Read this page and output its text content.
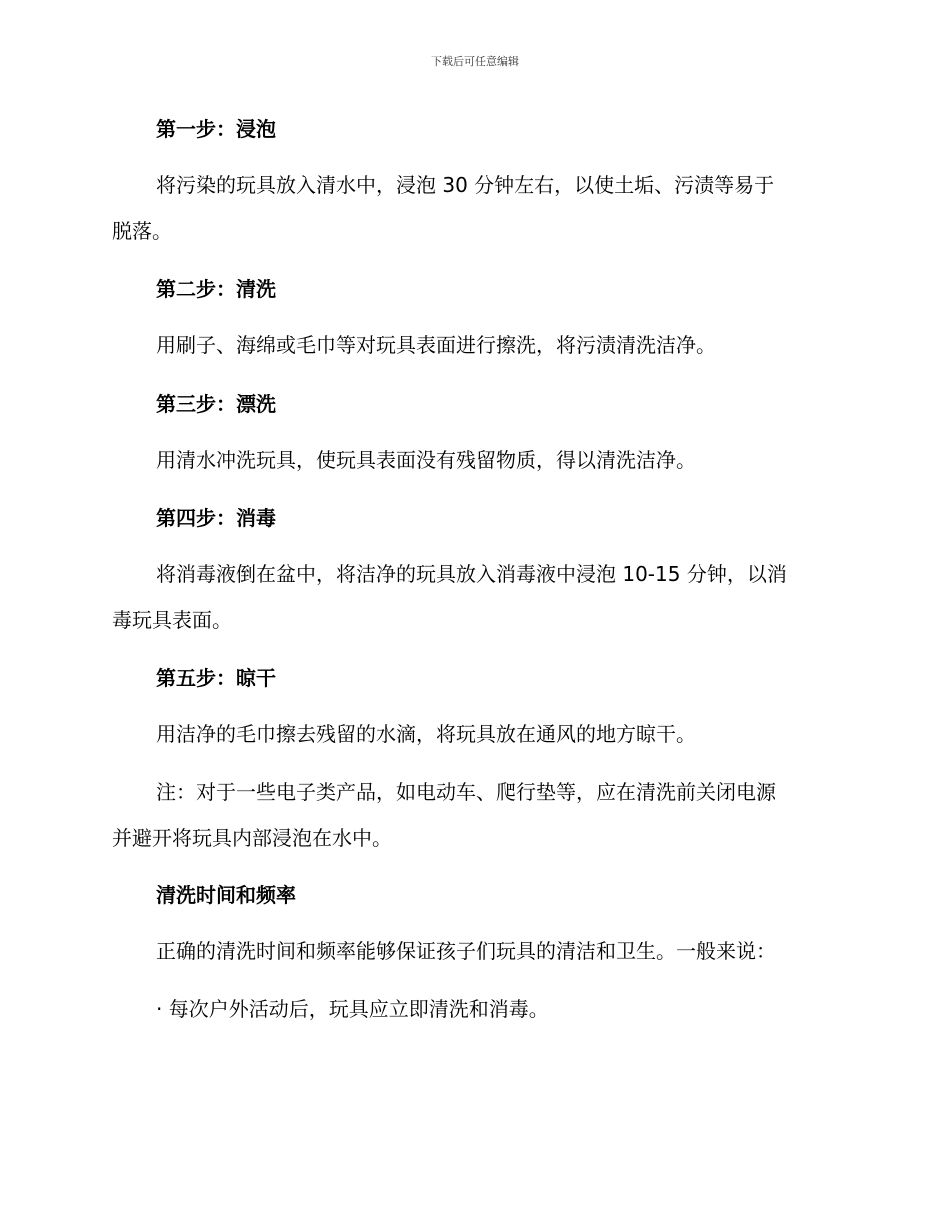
下载后可任意编辑
第一步：浸泡

将污染的玩具放入清水中，浸泡 30 分钟左右，以使土垢、污渍等易于
脱落。

第二步：清洗

用刷子、海绵或毛巾等对玩具表面进行擦洗，将污渍清洗洁净。

第三步：漂洗

用清水冲洗玩具，使玩具表面没有残留物质，得以清洗洁净。

第四步：消毒

将消毒液倒在盆中，将洁净的玩具放入消毒液中浸泡 10-15 分钟，以消
毒玩具表面。

第五步：晾干

用洁净的毛巾擦去残留的水滴，将玩具放在通风的地方晾干。

注：对于一些电子类产品，如电动车、爬行垫等，应在清洗前关闭电源
并避开将玩具内部浸泡在水中。

清洗时间和频率

正确的清洗时间和频率能够保证孩子们玩具的清洁和卫生。一般来说：

· 每次户外活动后，玩具应立即清洗和消毒。
